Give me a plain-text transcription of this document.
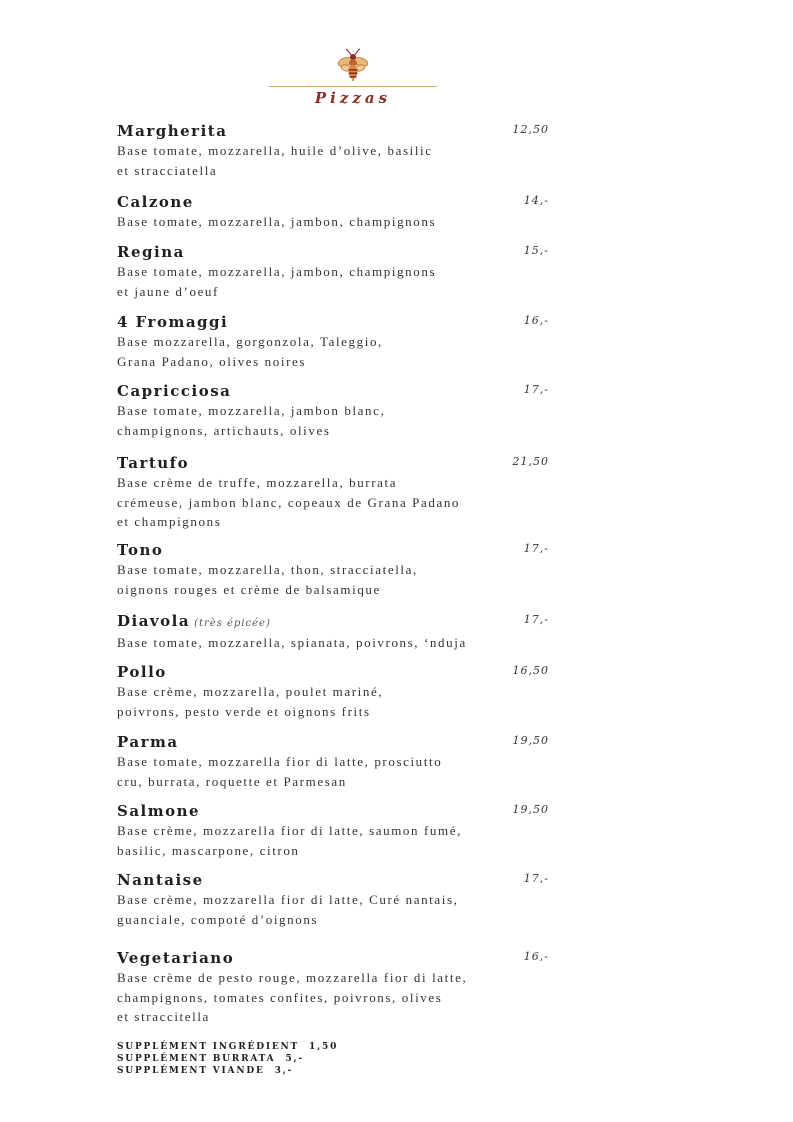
Pizzas
Margherita	12,50
Base tomate, mozzarella, huile d’olive, basilic
et stracciatella
Calzone	14,-
Base tomate, mozzarella, jambon, champignons
Regina	15,-
Base tomate, mozzarella, jambon, champignons
et jaune d’oeuf
4 Fromaggi	16,-
Base mozzarella, gorgonzola, Taleggio,
Grana Padano, olives noires
Capricciosa	17,-
Base tomate, mozzarella, jambon blanc,
champignons, artichauts, olives
Tartufo	21,50
Base crème de truffe, mozzarella, burrata
crémeuse, jambon blanc, copeaux de Grana Padano
et champignons
Tono	17,-
Base tomate, mozzarella, thon, stracciatella,
oignons rouges et crème de balsamique
Diavola (très épicée)	17,-
Base tomate, mozzarella, spianata, poivrons, ‘nduja
Pollo	16,50
Base crème, mozzarella, poulet mariné,
poivrons, pesto verde et oignons frits
Parma	19,50
Base tomate, mozzarella fior di latte, prosciutto
cru, burrata, roquette et Parmesan
Salmone	19,50
Base crème, mozzarella fior di latte, saumon fumé,
basilic, mascarpone, citron
Nantaise	17,-
Base crème, mozzarella fior di latte, Curé nantais,
guanciale, compoté d’oignons
Vegetariano	16,-
Base crème de pesto rouge, mozzarella fior di latte,
champignons, tomates confites, poivrons, olives
et straccitella
SUPPLÉMENT INGRÉDIENT 1,50
SUPPLÉMENT BURRATA 5,-
SUPPLÉMENT VIANDE 3,-
